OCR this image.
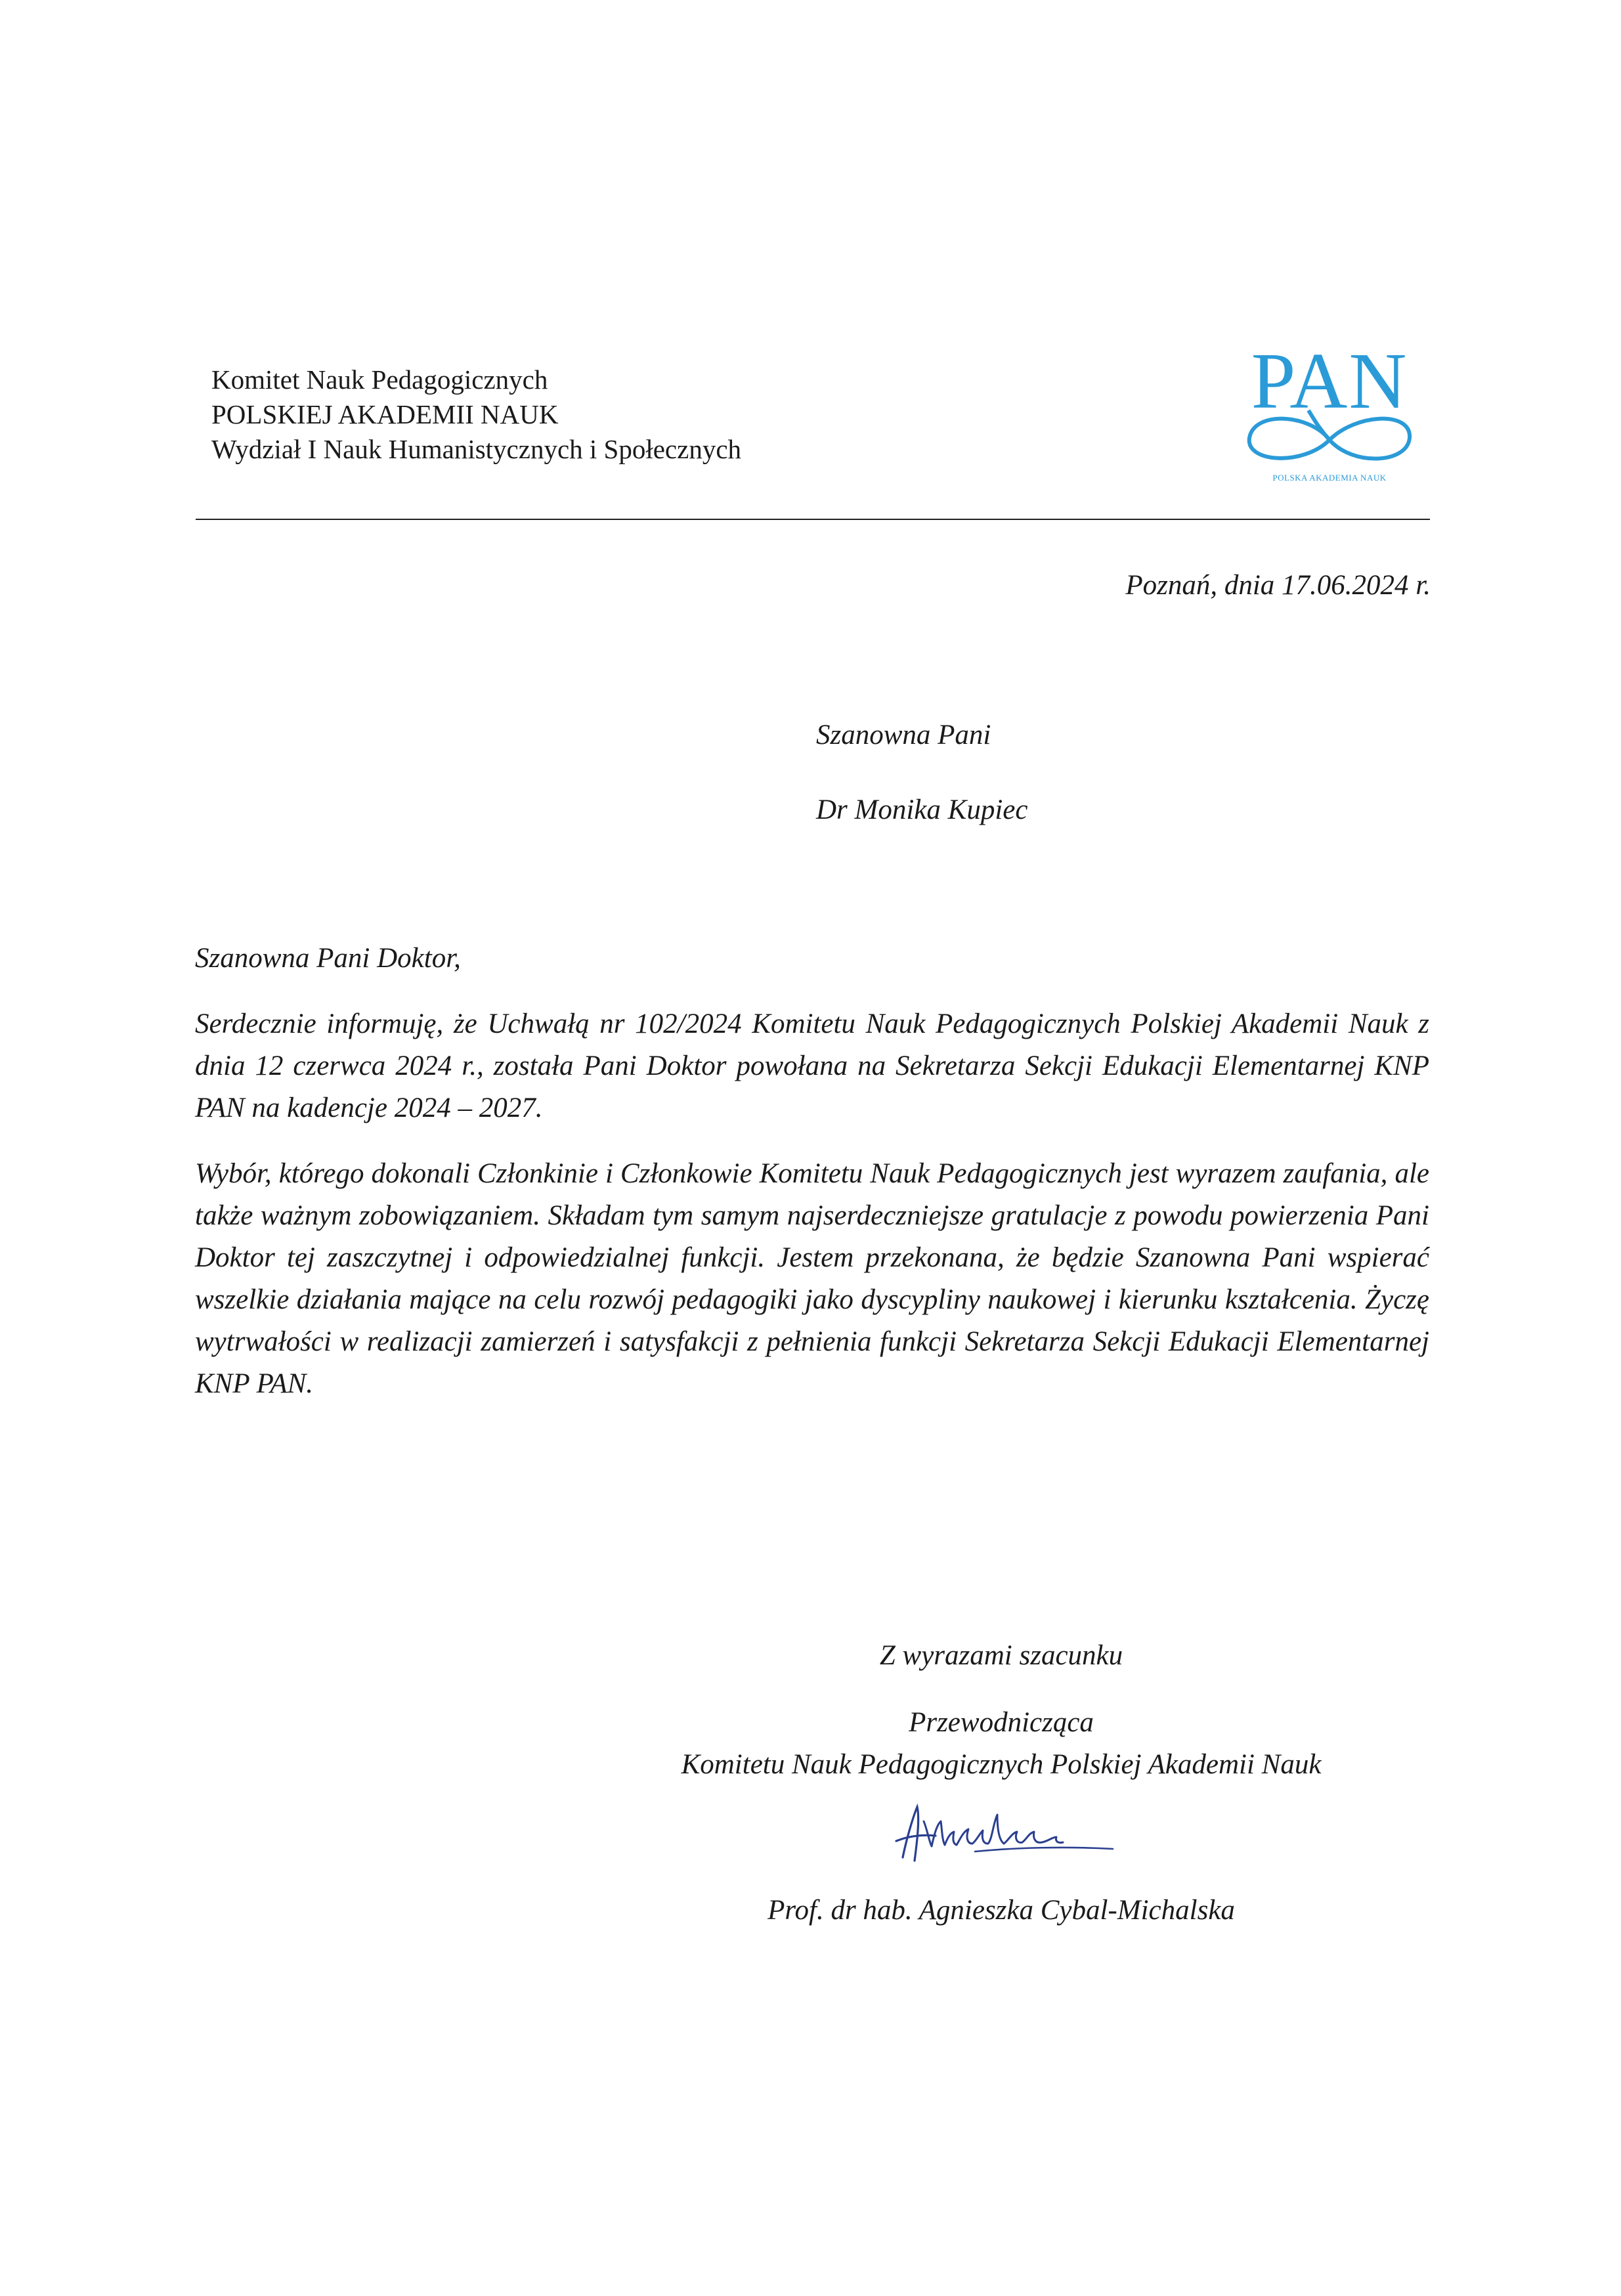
Komitet Nauk Pedagogicznych
POLSKIEJ AKADEMII NAUK
Wydział I Nauk Humanistycznych i Społecznych
PAN
POLSKA AKADEMIA NAUK
Poznań, dnia 17.06.2024 r.
Szanowna Pani
Dr Monika Kupiec
Szanowna Pani Doktor,
Serdecznie informuję, że Uchwałą nr 102/2024 Komitetu Nauk Pedagogicznych Polskiej Akademii Nauk z dnia 12 czerwca 2024 r., została Pani Doktor powołana na Sekretarza Sekcji Edukacji Elementarnej KNP PAN na kadencje 2024 – 2027.
Wybór, którego dokonali Członkinie i Członkowie Komitetu Nauk Pedagogicznych jest wyrazem zaufania, ale także ważnym zobowiązaniem. Składam tym samym najserdeczniejsze gratulacje z powodu powierzenia Pani Doktor tej zaszczytnej i odpowiedzialnej funkcji. Jestem przekonana, że będzie Szanowna Pani wspierać wszelkie działania mające na celu rozwój pedagogiki jako dyscypliny naukowej i kierunku kształcenia. Życzę wytrwałości w realizacji zamierzeń i satysfakcji z pełnienia funkcji Sekretarza Sekcji Edukacji Elementarnej KNP PAN.
Z wyrazami szacunku
Przewodnicząca
Komitetu Nauk Pedagogicznych Polskiej Akademii Nauk
Prof. dr hab. Agnieszka Cybal-Michalska
